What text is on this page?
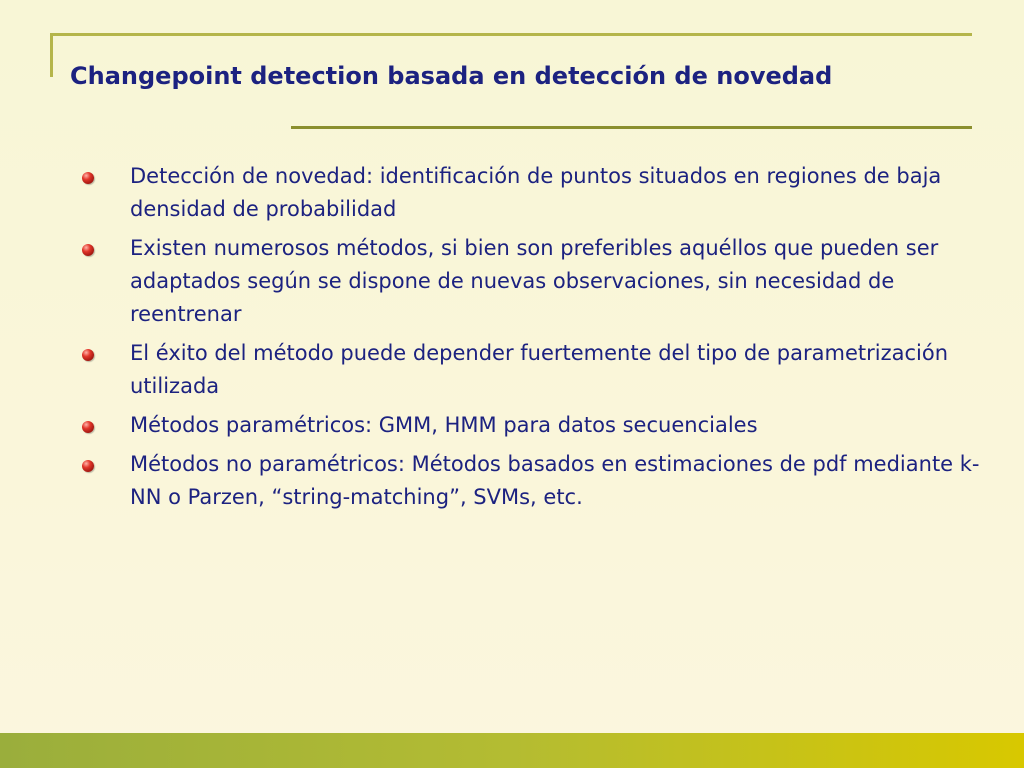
Changepoint detection basada en detección de novedad
Detección de novedad: identificación de puntos situados en regiones de baja densidad de probabilidad
Existen numerosos métodos, si bien son preferibles aquéllos que pueden ser adaptados según se dispone de nuevas observaciones, sin necesidad de reentrenar
El éxito del método puede depender fuertemente del tipo de parametrización utilizada
Métodos paramétricos: GMM, HMM para datos secuenciales
Métodos no paramétricos: Métodos basados en estimaciones de pdf mediante k-NN o Parzen, “string-matching”, SVMs, etc.
